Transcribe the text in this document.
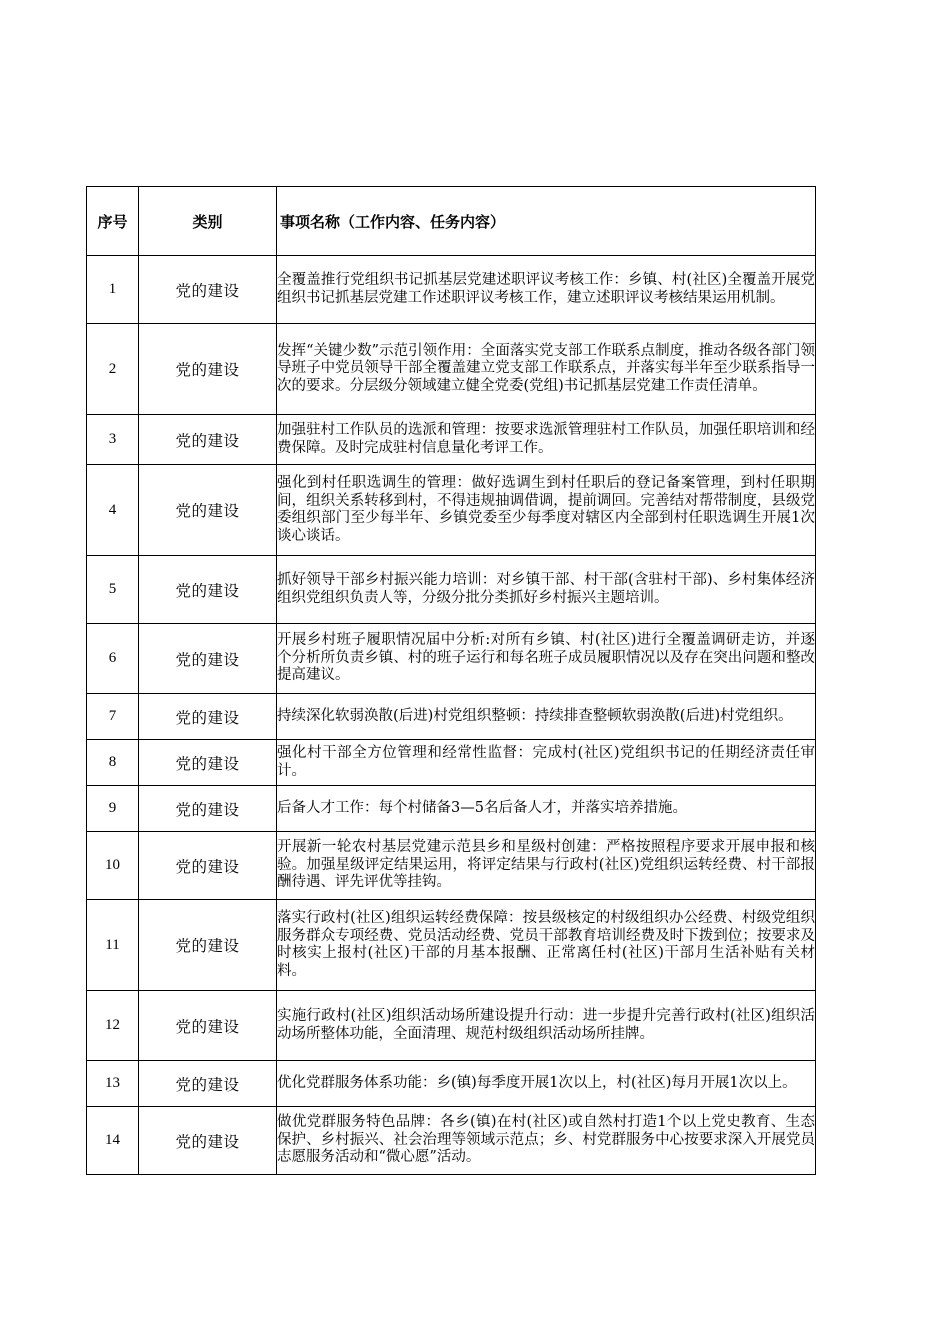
序号	类别	事项名称（工作内容、任务内容）
1	党的建设	全覆盖推行党组织书记抓基层党建述职评议考核工作：乡镇、村(社区)全覆盖开展党组织书记抓基层党建工作述职评议考核工作，建立述职评议考核结果运用机制。
2	党的建设	发挥“关键少数”示范引领作用：全面落实党支部工作联系点制度，推动各级各部门领导班子中党员领导干部全覆盖建立党支部工作联系点，并落实每半年至少联系指导一次的要求。分层级分领域建立健全党委(党组)书记抓基层党建工作责任清单。
3	党的建设	加强驻村工作队员的选派和管理：按要求选派管理驻村工作队员，加强任职培训和经费保障。及时完成驻村信息量化考评工作。
4	党的建设	强化到村任职选调生的管理：做好选调生到村任职后的登记备案管理，到村任职期间，组织关系转移到村，不得违规抽调借调，提前调回。完善结对帮带制度，县级党委组织部门至少每半年、乡镇党委至少每季度对辖区内全部到村任职选调生开展1次谈心谈话。
5	党的建设	抓好领导干部乡村振兴能力培训：对乡镇干部、村干部(含驻村干部)、乡村集体经济组织党组织负责人等，分级分批分类抓好乡村振兴主题培训。
6	党的建设	开展乡村班子履职情况届中分析:对所有乡镇、村(社区)进行全覆盖调研走访，并逐个分析所负责乡镇、村的班子运行和每名班子成员履职情况以及存在突出问题和整改提高建议。
7	党的建设	持续深化软弱涣散(后进)村党组织整顿：持续排查整顿软弱涣散(后进)村党组织。
8	党的建设	强化村干部全方位管理和经常性监督：完成村(社区)党组织书记的任期经济责任审计。
9	党的建设	后备人才工作：每个村储备3—5名后备人才，并落实培养措施。
10	党的建设	开展新一轮农村基层党建示范县乡和星级村创建：严格按照程序要求开展申报和核验。加强星级评定结果运用，将评定结果与行政村(社区)党组织运转经费、村干部报酬待遇、评先评优等挂钩。
11	党的建设	落实行政村(社区)组织运转经费保障：按县级核定的村级组织办公经费、村级党组织服务群众专项经费、党员活动经费、党员干部教育培训经费及时下拨到位；按要求及时核实上报村(社区)干部的月基本报酬、正常离任村(社区)干部月生活补贴有关材料。
12	党的建设	实施行政村(社区)组织活动场所建设提升行动：进一步提升完善行政村(社区)组织活动场所整体功能，全面清理、规范村级组织活动场所挂牌。
13	党的建设	优化党群服务体系功能：乡(镇)每季度开展1次以上，村(社区)每月开展1次以上。
14	党的建设	做优党群服务特色品牌：各乡(镇)在村(社区)或自然村打造1个以上党史教育、生态保护、乡村振兴、社会治理等领域示范点；乡、村党群服务中心按要求深入开展党员志愿服务活动和“微心愿”活动。
